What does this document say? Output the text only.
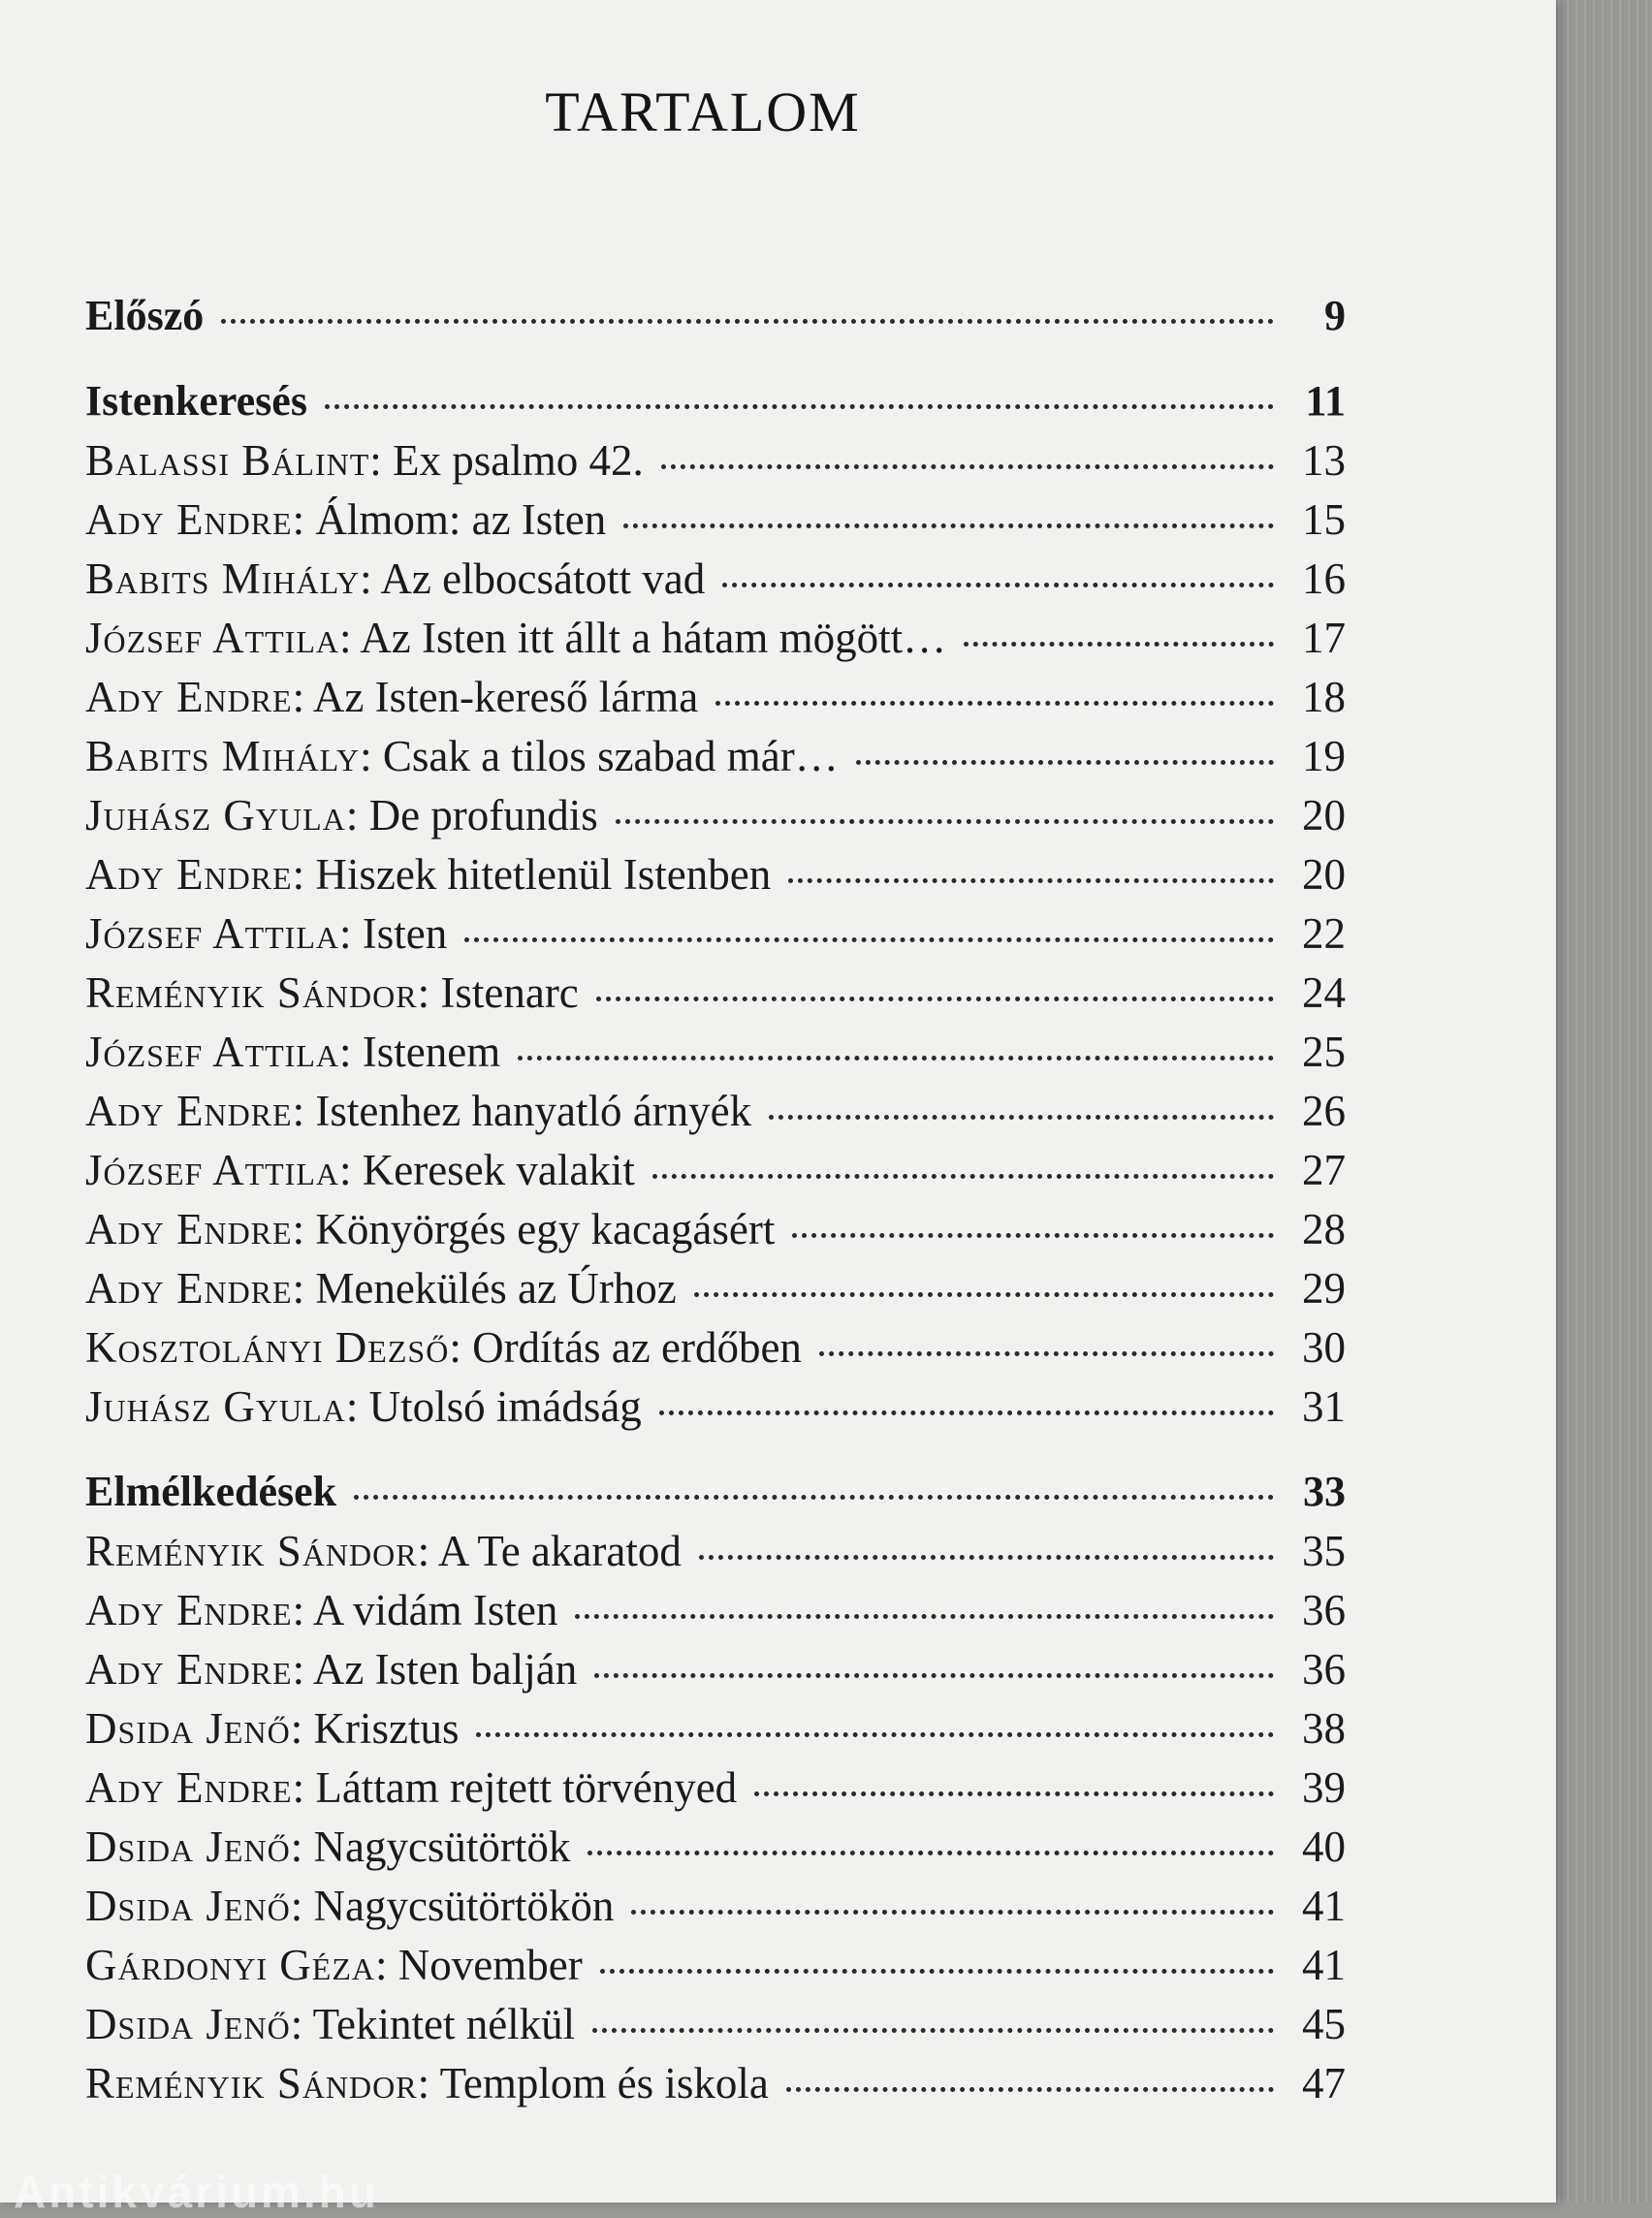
TARTALOM
Előszó	9
Istenkeresés	11
Balassi Bálint: Ex psalmo 42.	13
Ady Endre: Álmom: az Isten	15
Babits Mihály: Az elbocsátott vad	16
József Attila: Az Isten itt állt a hátam mögött…	17
Ady Endre: Az Isten-kereső lárma	18
Babits Mihály: Csak a tilos szabad már…	19
Juhász Gyula: De profundis	20
Ady Endre: Hiszek hitetlenül Istenben	20
József Attila: Isten	22
Reményik Sándor: Istenarc	24
József Attila: Istenem	25
Ady Endre: Istenhez hanyatló árnyék	26
József Attila: Keresek valakit	27
Ady Endre: Könyörgés egy kacagásért	28
Ady Endre: Menekülés az Úrhoz	29
Kosztolányi Dezső: Ordítás az erdőben	30
Juhász Gyula: Utolsó imádság	31
Elmélkedések	33
Reményik Sándor: A Te akaratod	35
Ady Endre: A vidám Isten	36
Ady Endre: Az Isten balján	36
Dsida Jenő: Krisztus	38
Ady Endre: Láttam rejtett törvényed	39
Dsida Jenő: Nagycsütörtök	40
Dsida Jenő: Nagycsütörtökön	41
Gárdonyi Géza: November	41
Dsida Jenő: Tekintet nélkül	45
Reményik Sándor: Templom és iskola	47
Antikvárium.hu
